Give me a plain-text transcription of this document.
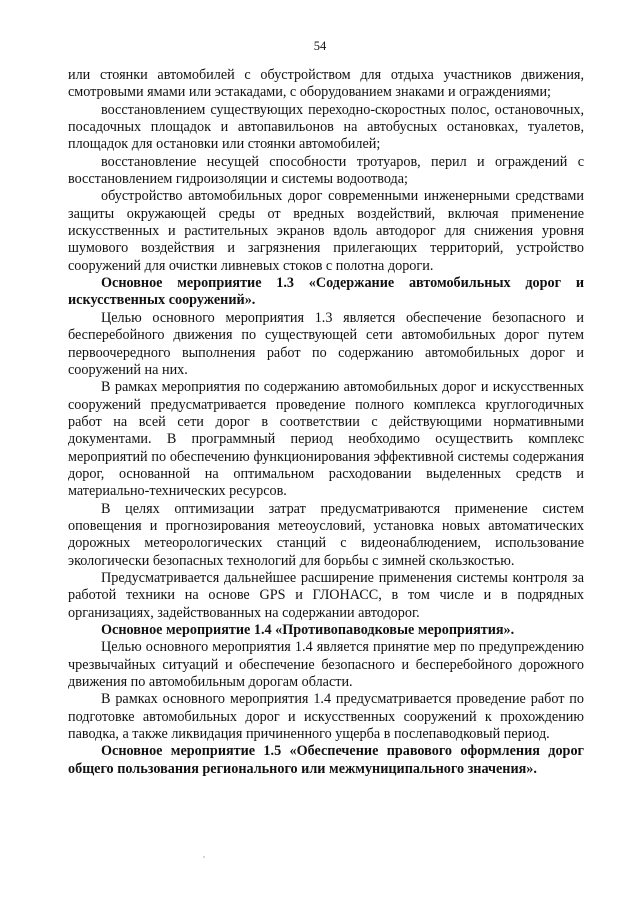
54

или стоянки автомобилей с обустройством для отдыха участников движения, смотровыми ямами или эстакадами, с оборудованием знаками и ограждениями;

восстановлением существующих переходно-скоростных полос, остановочных, посадочных площадок и автопавильонов на автобусных остановках, туалетов, площадок для остановки или стоянки автомобилей;

восстановление несущей способности тротуаров, перил и ограждений с восстановлением гидроизоляции и системы водоотвода;

обустройство автомобильных дорог современными инженерными средствами защиты окружающей среды от вредных воздействий, включая применение искусственных и растительных экранов вдоль автодорог для снижения уровня шумового воздействия и загрязнения прилегающих территорий, устройство сооружений для очистки ливневых стоков с полотна дороги.

Основное мероприятие 1.3 «Содержание автомобильных дорог и искусственных сооружений».

Целью основного мероприятия 1.3 является обеспечение безопасного и бесперебойного движения по существующей сети автомобильных дорог путем первоочередного выполнения работ по содержанию автомобильных дорог и сооружений на них.

В рамках мероприятия по содержанию автомобильных дорог и искусственных сооружений предусматривается проведение полного комплекса круглогодичных работ на всей сети дорог в соответствии с действующими нормативными документами. В программный период необходимо осуществить комплекс мероприятий по обеспечению функционирования эффективной системы содержания дорог, основанной на оптимальном расходовании выделенных средств и материально-технических ресурсов.

В целях оптимизации затрат предусматриваются применение систем оповещения и прогнозирования метеоусловий, установка новых автоматических дорожных метеорологических станций с видеонаблюдением, использование экологически безопасных технологий для борьбы с зимней скользкостью.

Предусматривается дальнейшее расширение применения системы контроля за работой техники на основе GPS и ГЛОНАСС, в том числе и в подрядных организациях, задействованных на содержании автодорог.

Основное мероприятие 1.4 «Противопаводковые мероприятия».

Целью основного мероприятия 1.4 является принятие мер по предупреждению чрезвычайных ситуаций и обеспечение безопасного и бесперебойного дорожного движения по автомобильным дорогам области.

В рамках основного мероприятия 1.4 предусматривается проведение работ по подготовке автомобильных дорог и искусственных сооружений к прохождению паводка, а также ликвидация причиненного ущерба в послепаводковый период.

Основное мероприятие 1.5 «Обеспечение правового оформления дорог общего пользования регионального или межмуниципального значения».
